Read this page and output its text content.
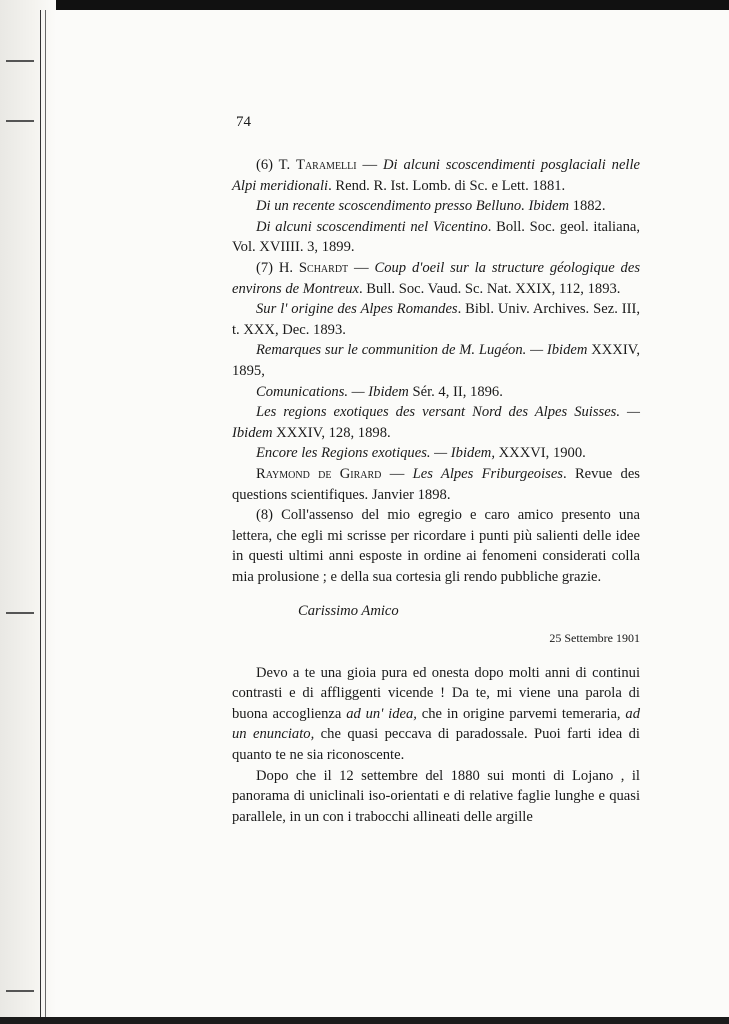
74

(6) T. Taramelli — Di alcuni scoscendimenti posglaciali nelle Alpi meridionali. Rend. R. Ist. Lomb. di Sc. e Lett. 1881.

Di un recente scoscendimento presso Belluno. Ibidem 1882.

Di alcuni scoscendimenti nel Vicentino. Boll. Soc. geol. italiana, Vol. XVIIII. 3, 1899.

(7) H. Schardt — Coup d'oeil sur la structure géologique des environs de Montreux. Bull. Soc. Vaud. Sc. Nat. XXIX, 112, 1893.

Sur l' origine des Alpes Romandes. Bibl. Univ. Archives. Sez. III, t. XXX, Dec. 1893.

Remarques sur le communition de M. Lugéon. — Ibidem XXXIV, 1895,

Comunications. — Ibidem Sér. 4, II, 1896.

Les regions exotiques des versant Nord des Alpes Suisses. — Ibidem XXXIV, 128, 1898.

Encore les Regions exotiques. — Ibidem, XXXVI, 1900.

Raymond de Girard — Les Alpes Friburgeoises. Revue des questions scientifiques. Janvier 1898.

(8) Coll'assenso del mio egregio e caro amico presento una lettera, che egli mi scrisse per ricordare i punti più salienti delle idee in questi ultimi anni esposte in ordine ai fenomeni considerati colla mia prolusione ; e della sua cortesia gli rendo pubbliche grazie.

Carissimo Amico

25 Settembre 1901

Devo a te una gioia pura ed onesta dopo molti anni di continui contrasti e di affliggenti vicende ! Da te, mi viene una parola di buona accoglienza ad un' idea, che in origine parvemi temeraria, ad un enunciato, che quasi peccava di paradossale. Puoi farti idea di quanto te ne sia riconoscente.

Dopo che il 12 settembre del 1880 sui monti di Lojano , il panorama di uniclinali iso-orientati e di relative faglie lunghe e quasi parallele, in un con i trabocchi allineati delle argille
